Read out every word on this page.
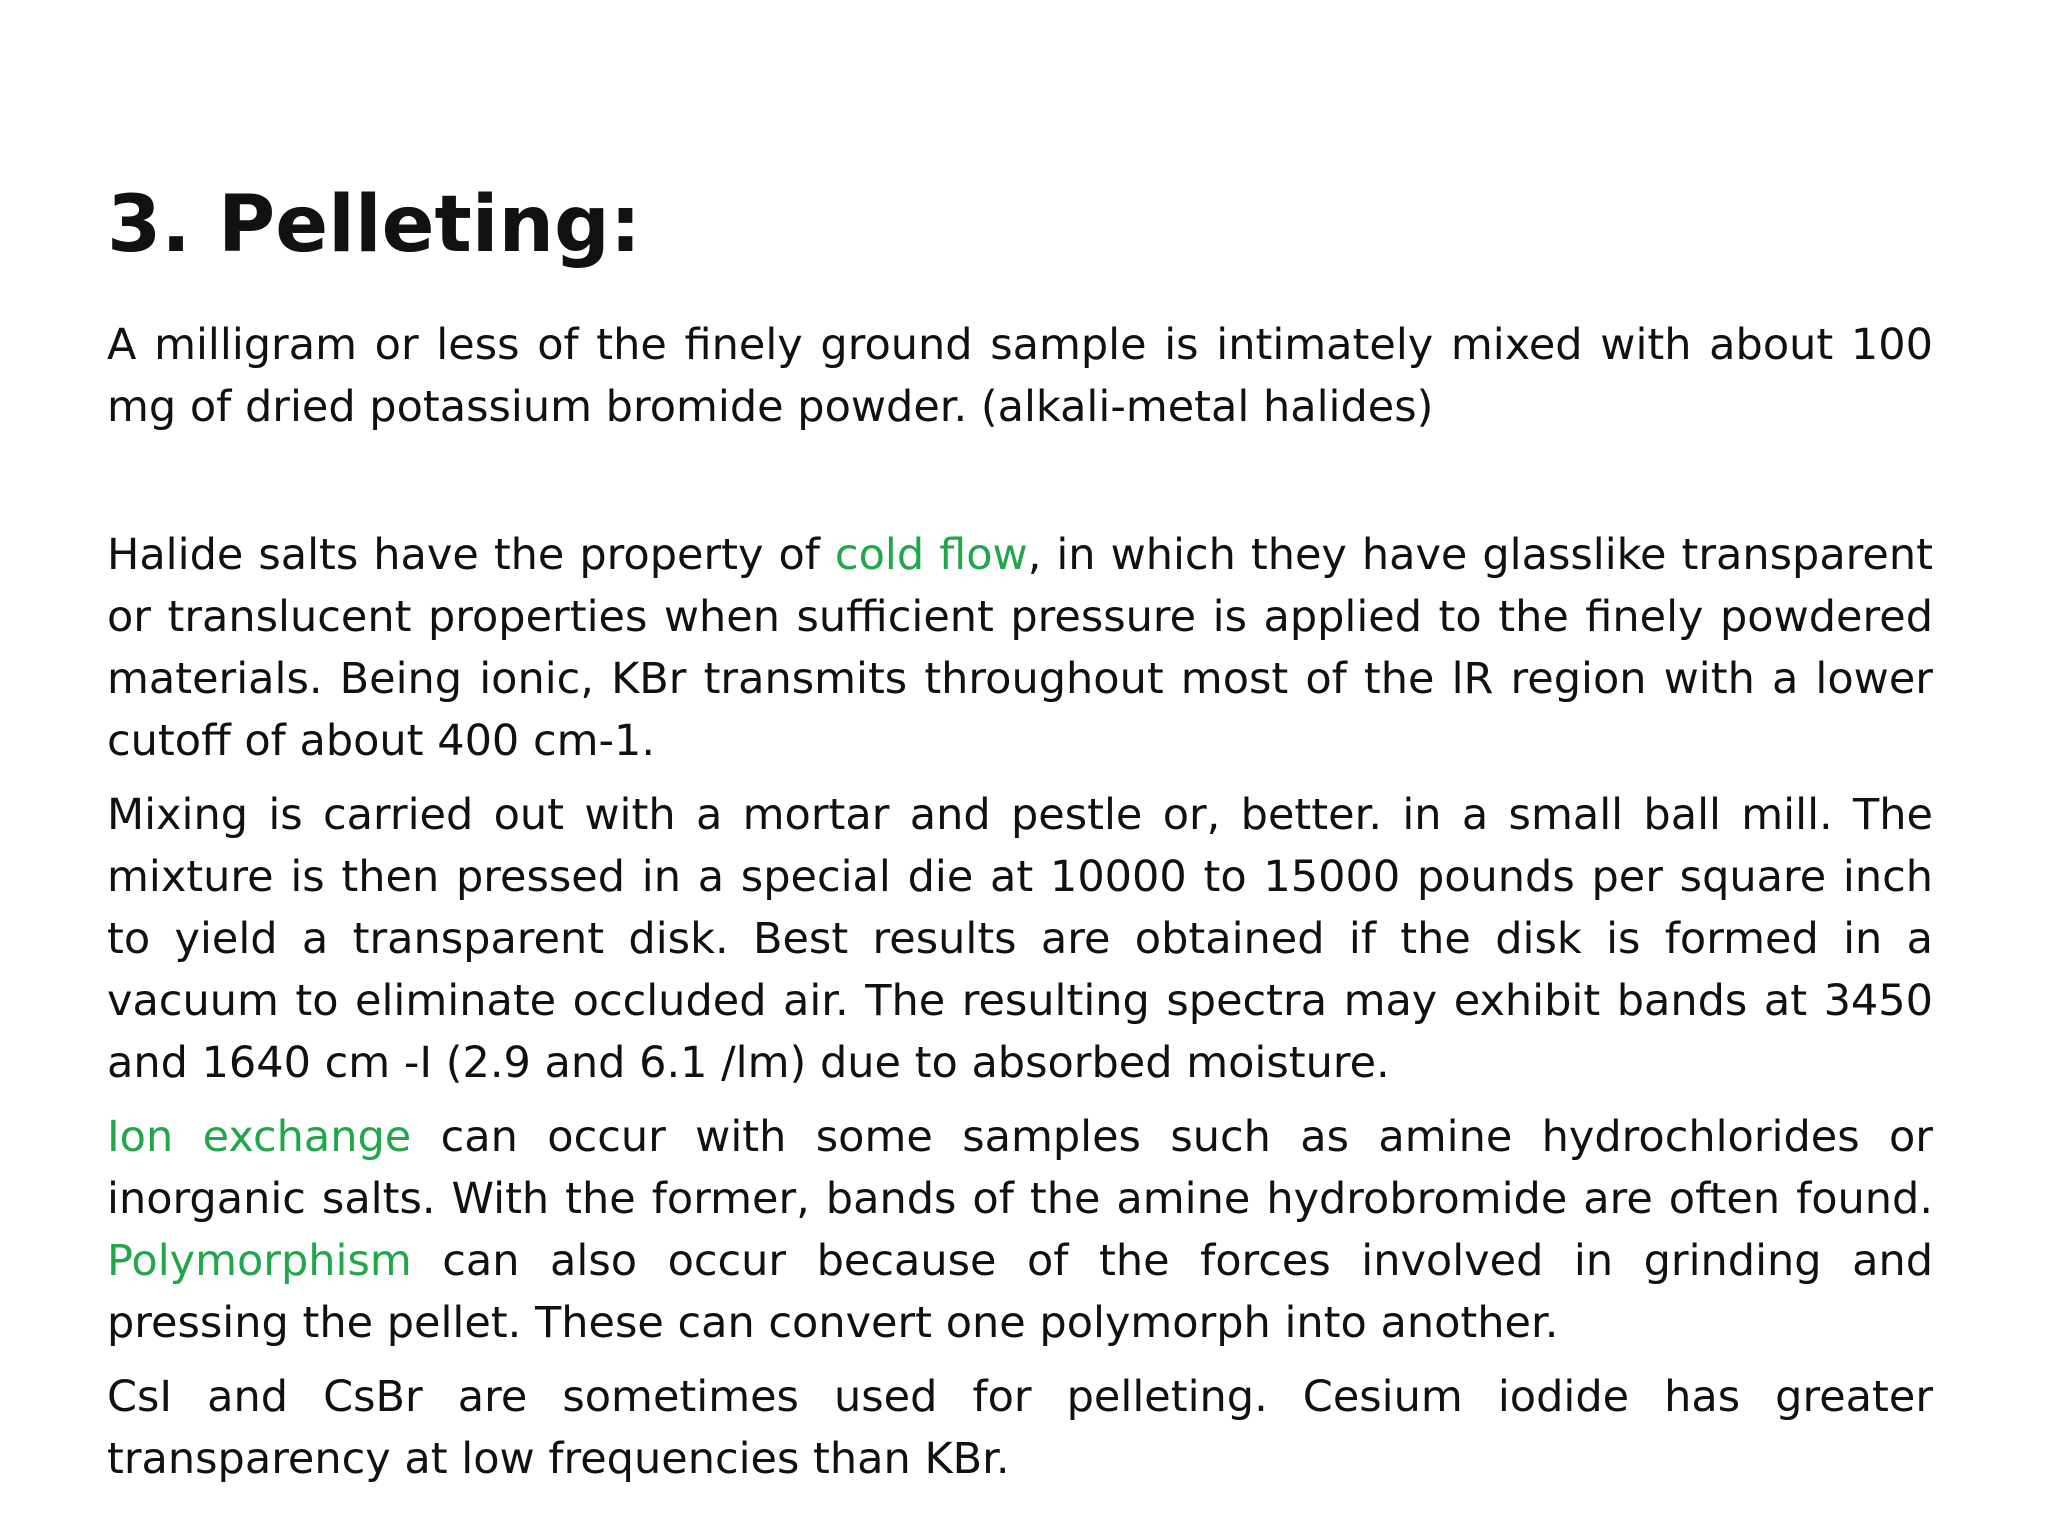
3. Pelleting:

A milligram or less of the finely ground sample is intimately mixed with about 100 mg of dried potassium bromide powder. (alkali-metal halides)

Halide salts have the property of cold flow, in which they have glasslike transparent or translucent properties when sufficient pressure is applied to the finely powdered materials. Being ionic, KBr transmits throughout most of the lR region with a lower cutoff of about 400 cm-1.

Mixing is carried out with a mortar and pestle or, better. in a small ball mill. The mixture is then pressed in a special die at 10000 to 15000 pounds per square inch to yield a transparent disk. Best results are obtained if the disk is formed in a vacuum to eliminate occluded air. The resulting spectra may exhibit bands at 3450 and 1640 cm -I (2.9 and 6.1 /lm) due to absorbed moisture.

Ion exchange can occur with some samples such as amine hydrochlorides or inorganic salts. With the former, bands of the amine hydrobromide are often found. Polymorphism can also occur because of the forces involved in grinding and pressing the pellet. These can convert one polymorph into another.

CsI and CsBr are sometimes used for pelleting. Cesium iodide has greater transparency at low frequencies than KBr.
